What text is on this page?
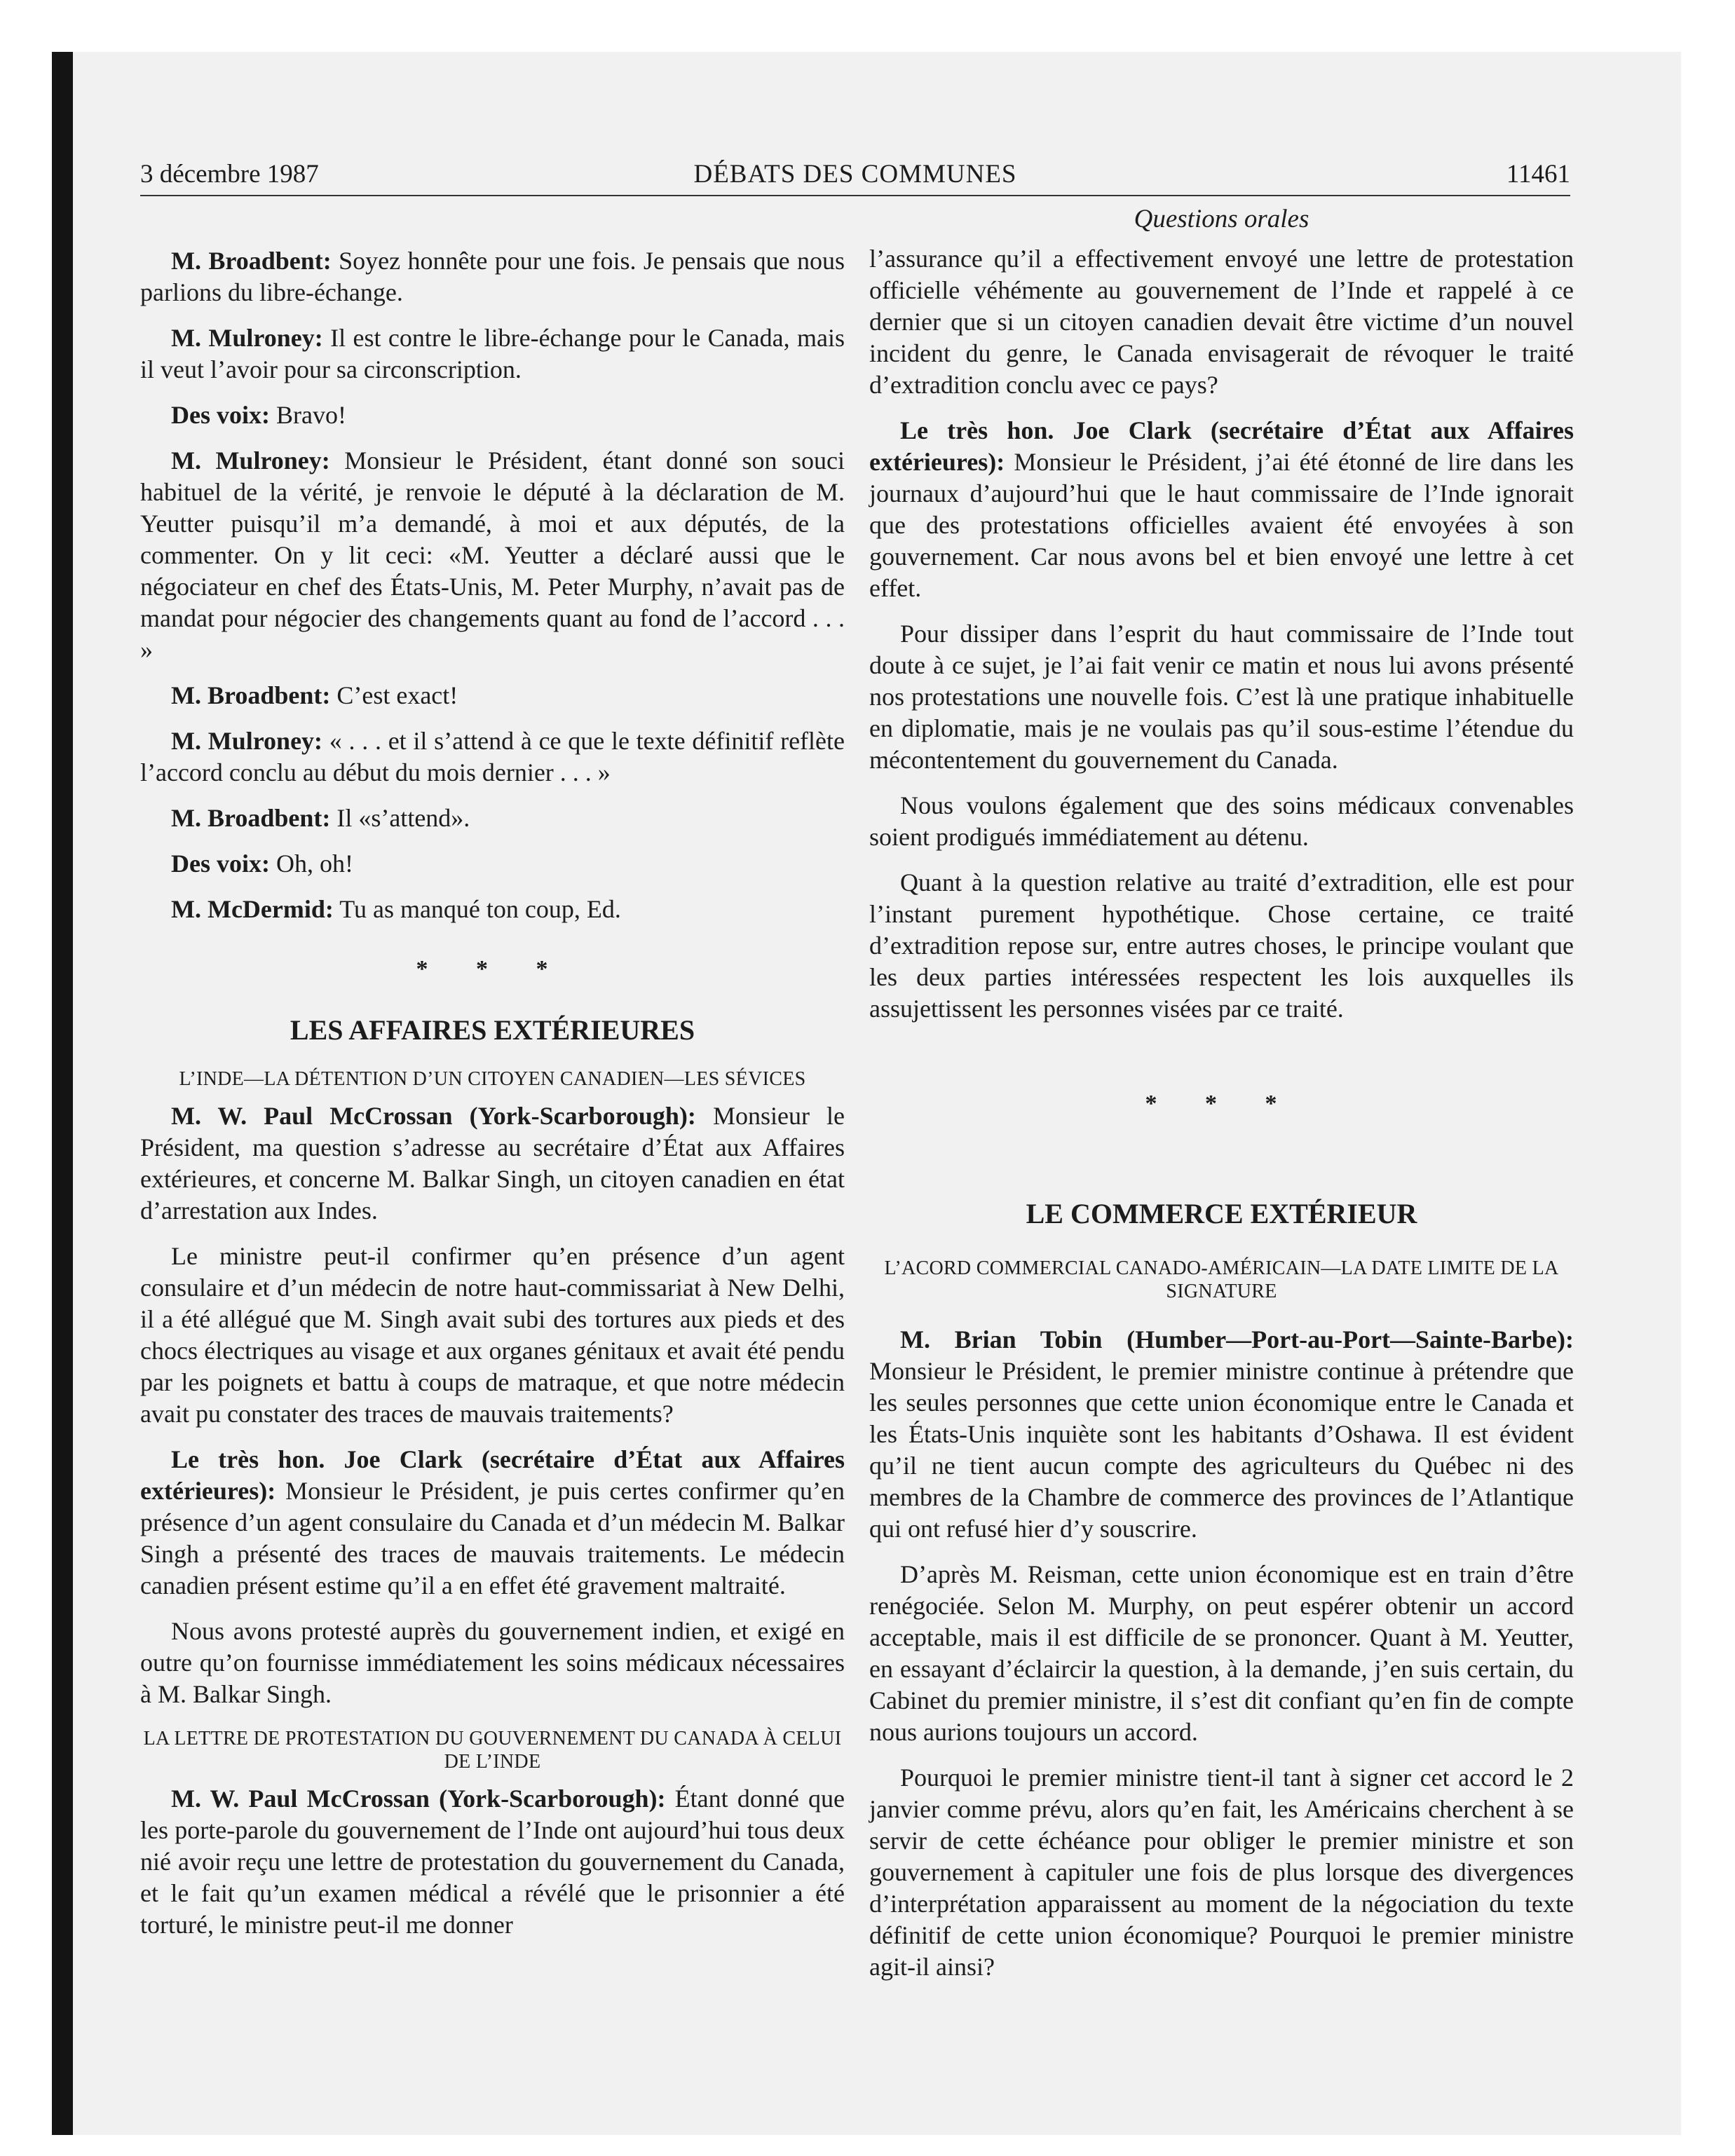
3 décembre 1987	DÉBATS DES COMMUNES	11461

M. Broadbent: Soyez honnête pour une fois. Je pensais que nous parlions du libre-échange.

M. Mulroney: Il est contre le libre-échange pour le Canada, mais il veut l’avoir pour sa circonscription.

Des voix: Bravo!

M. Mulroney: Monsieur le Président, étant donné son souci habituel de la vérité, je renvoie le député à la déclaration de M. Yeutter puisqu’il m’a demandé, à moi et aux députés, de la commenter. On y lit ceci: «M. Yeutter a déclaré aussi que le négociateur en chef des États-Unis, M. Peter Murphy, n’avait pas de mandat pour négocier des changements quant au fond de l’accord . . . »

M. Broadbent: C’est exact!

M. Mulroney: « . . . et il s’attend à ce que le texte définitif reflète l’accord conclu au début du mois dernier . . . »

M. Broadbent: Il «s’attend».

Des voix: Oh, oh!

M. McDermid: Tu as manqué ton coup, Ed.

* * *

LES AFFAIRES EXTÉRIEURES

L’INDE—LA DÉTENTION D’UN CITOYEN CANADIEN—LES SÉVICES

M. W. Paul McCrossan (York-Scarborough): Monsieur le Président, ma question s’adresse au secrétaire d’État aux Affaires extérieures, et concerne M. Balkar Singh, un citoyen canadien en état d’arrestation aux Indes.

Le ministre peut-il confirmer qu’en présence d’un agent consulaire et d’un médecin de notre haut-commissariat à New Delhi, il a été allégué que M. Singh avait subi des tortures aux pieds et des chocs électriques au visage et aux organes génitaux et avait été pendu par les poignets et battu à coups de matraque, et que notre médecin avait pu constater des traces de mauvais traitements?

Le très hon. Joe Clark (secrétaire d’État aux Affaires extérieures): Monsieur le Président, je puis certes confirmer qu’en présence d’un agent consulaire du Canada et d’un médecin M. Balkar Singh a présenté des traces de mauvais traitements. Le médecin canadien présent estime qu’il a en effet été gravement maltraité.

Nous avons protesté auprès du gouvernement indien, et exigé en outre qu’on fournisse immédiatement les soins médicaux nécessaires à M. Balkar Singh.

LA LETTRE DE PROTESTATION DU GOUVERNEMENT DU CANADA À CELUI DE L’INDE

M. W. Paul McCrossan (York-Scarborough): Étant donné que les porte-parole du gouvernement de l’Inde ont aujourd’hui tous deux nié avoir reçu une lettre de protestation du gouvernement du Canada, et le fait qu’un examen médical a révélé que le prisonnier a été torturé, le ministre peut-il me donner

Questions orales

l’assurance qu’il a effectivement envoyé une lettre de protestation officielle véhémente au gouvernement de l’Inde et rappelé à ce dernier que si un citoyen canadien devait être victime d’un nouvel incident du genre, le Canada envisagerait de révoquer le traité d’extradition conclu avec ce pays?

Le très hon. Joe Clark (secrétaire d’État aux Affaires extérieures): Monsieur le Président, j’ai été étonné de lire dans les journaux d’aujourd’hui que le haut commissaire de l’Inde ignorait que des protestations officielles avaient été envoyées à son gouvernement. Car nous avons bel et bien envoyé une lettre à cet effet.

Pour dissiper dans l’esprit du haut commissaire de l’Inde tout doute à ce sujet, je l’ai fait venir ce matin et nous lui avons présenté nos protestations une nouvelle fois. C’est là une pratique inhabituelle en diplomatie, mais je ne voulais pas qu’il sous-estime l’étendue du mécontentement du gouvernement du Canada.

Nous voulons également que des soins médicaux convenables soient prodigués immédiatement au détenu.

Quant à la question relative au traité d’extradition, elle est pour l’instant purement hypothétique. Chose certaine, ce traité d’extradition repose sur, entre autres choses, le principe voulant que les deux parties intéressées respectent les lois auxquelles ils assujettissent les personnes visées par ce traité.

* * *

LE COMMERCE EXTÉRIEUR

L’ACORD COMMERCIAL CANADO-AMÉRICAIN—LA DATE LIMITE DE LA SIGNATURE

M. Brian Tobin (Humber—Port-au-Port—Sainte-Barbe): Monsieur le Président, le premier ministre continue à prétendre que les seules personnes que cette union économique entre le Canada et les États-Unis inquiète sont les habitants d’Oshawa. Il est évident qu’il ne tient aucun compte des agriculteurs du Québec ni des membres de la Chambre de commerce des provinces de l’Atlantique qui ont refusé hier d’y souscrire.

D’après M. Reisman, cette union économique est en train d’être renégociée. Selon M. Murphy, on peut espérer obtenir un accord acceptable, mais il est difficile de se prononcer. Quant à M. Yeutter, en essayant d’éclaircir la question, à la demande, j’en suis certain, du Cabinet du premier ministre, il s’est dit confiant qu’en fin de compte nous aurions toujours un accord.

Pourquoi le premier ministre tient-il tant à signer cet accord le 2 janvier comme prévu, alors qu’en fait, les Américains cherchent à se servir de cette échéance pour obliger le premier ministre et son gouvernement à capituler une fois de plus lorsque des divergences d’interprétation apparaissent au moment de la négociation du texte définitif de cette union économique? Pourquoi le premier ministre agit-il ainsi?
